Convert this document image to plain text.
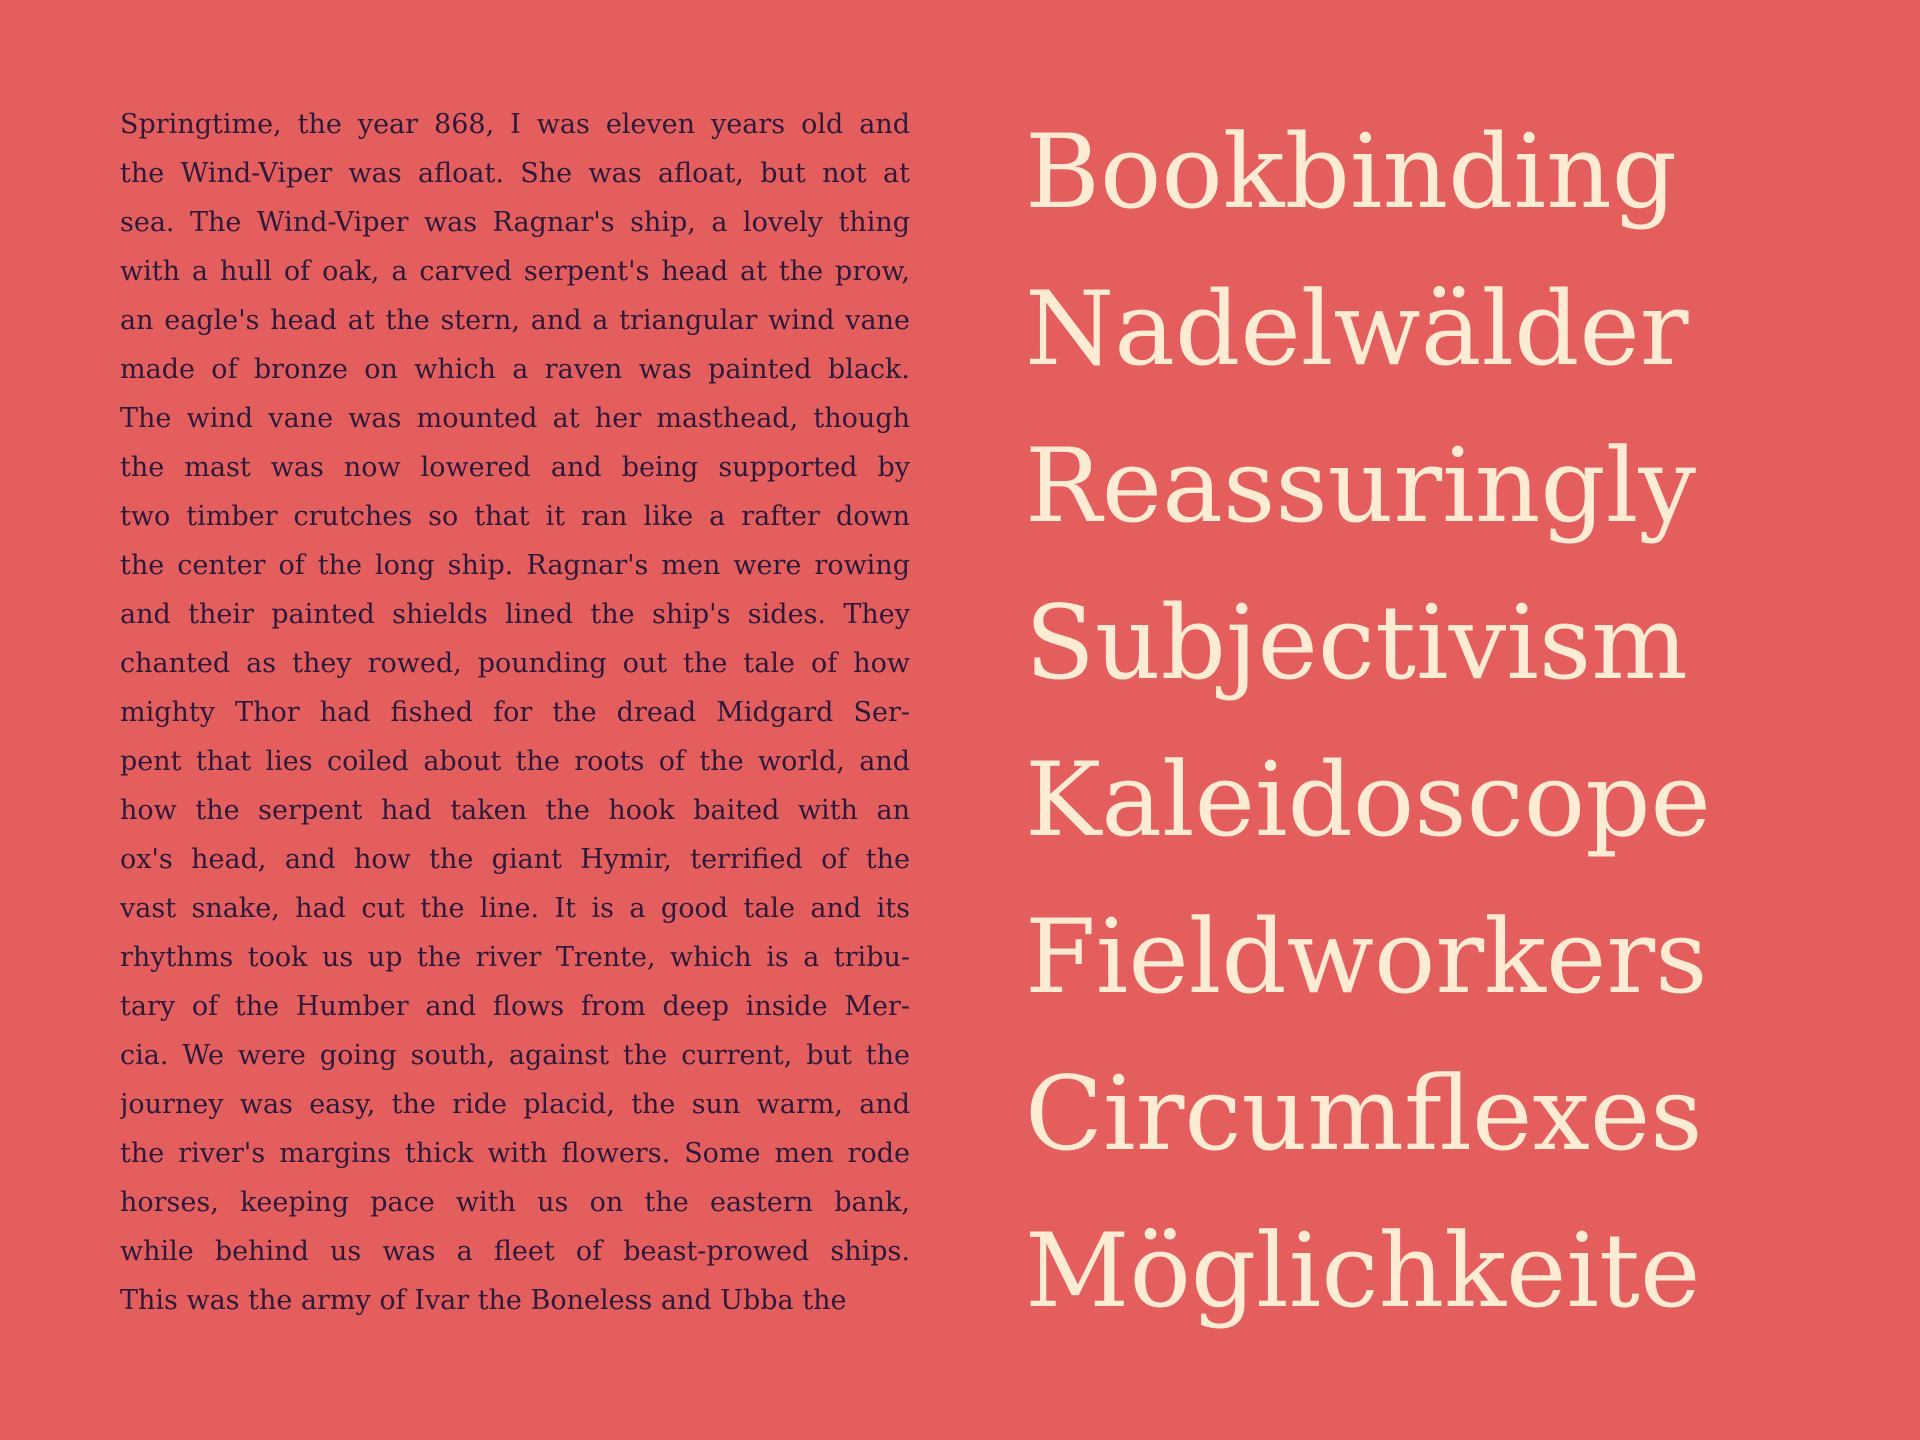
Springtime, the year 868, I was eleven years old and
the Wind-Viper was afloat. She was afloat, but not at
sea. The Wind-Viper was Ragnar's ship, a lovely thing
with a hull of oak, a carved serpent's head at the prow,
an eagle's head at the stern, and a triangular wind vane
made of bronze on which a raven was painted black.
The wind vane was mounted at her masthead, though
the mast was now lowered and being supported by
two timber crutches so that it ran like a rafter down
the center of the long ship. Ragnar's men were rowing
and their painted shields lined the ship's sides. They
chanted as they rowed, pounding out the tale of how
mighty Thor had fished for the dread Midgard Ser-
pent that lies coiled about the roots of the world, and
how the serpent had taken the hook baited with an
ox's head, and how the giant Hymir, terrified of the
vast snake, had cut the line. It is a good tale and its
rhythms took us up the river Trente, which is a tribu-
tary of the Humber and flows from deep inside Mer-
cia. We were going south, against the current, but the
journey was easy, the ride placid, the sun warm, and
the river's margins thick with flowers. Some men rode
horses, keeping pace with us on the eastern bank,
while behind us was a fleet of beast-prowed ships.
This was the army of Ivar the Boneless and Ubba the
Bookbinding
Nadelwälder
Reassuringly
Subjectivism
Kaleidoscope
Fieldworkers
Circumflexes
Möglichkeite
